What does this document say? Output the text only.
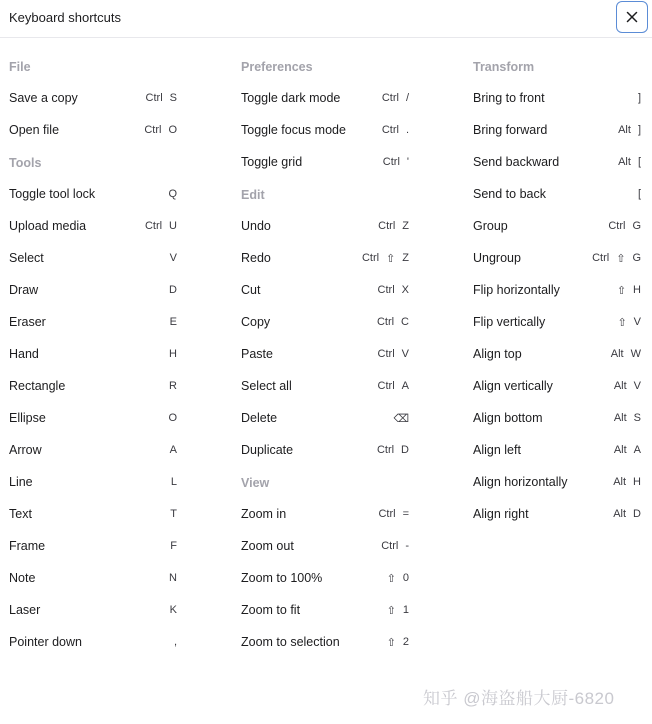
Keyboard shortcuts
File
Save a copy	Ctrl S
Open file	Ctrl O
Tools
Toggle tool lock	Q
Upload media	Ctrl U
Select	V
Draw	D
Eraser	E
Hand	H
Rectangle	R
Ellipse	O
Arrow	A
Line	L
Text	T
Frame	F
Note	N
Laser	K
Pointer down	,
Preferences
Toggle dark mode	Ctrl /
Toggle focus mode	Ctrl .
Toggle grid	Ctrl '
Edit
Undo	Ctrl Z
Redo	Ctrl ⇧ Z
Cut	Ctrl X
Copy	Ctrl C
Paste	Ctrl V
Select all	Ctrl A
Delete	⌫
Duplicate	Ctrl D
View
Zoom in	Ctrl =
Zoom out	Ctrl -
Zoom to 100%	⇧ 0
Zoom to fit	⇧ 1
Zoom to selection	⇧ 2
Transform
Bring to front	]
Bring forward	Alt ]
Send backward	Alt [
Send to back	[
Group	Ctrl G
Ungroup	Ctrl ⇧ G
Flip horizontally	⇧ H
Flip vertically	⇧ V
Align top	Alt W
Align vertically	Alt V
Align bottom	Alt S
Align left	Alt A
Align horizontally	Alt H
Align right	Alt D
知乎 @海盗船大厨-6820
